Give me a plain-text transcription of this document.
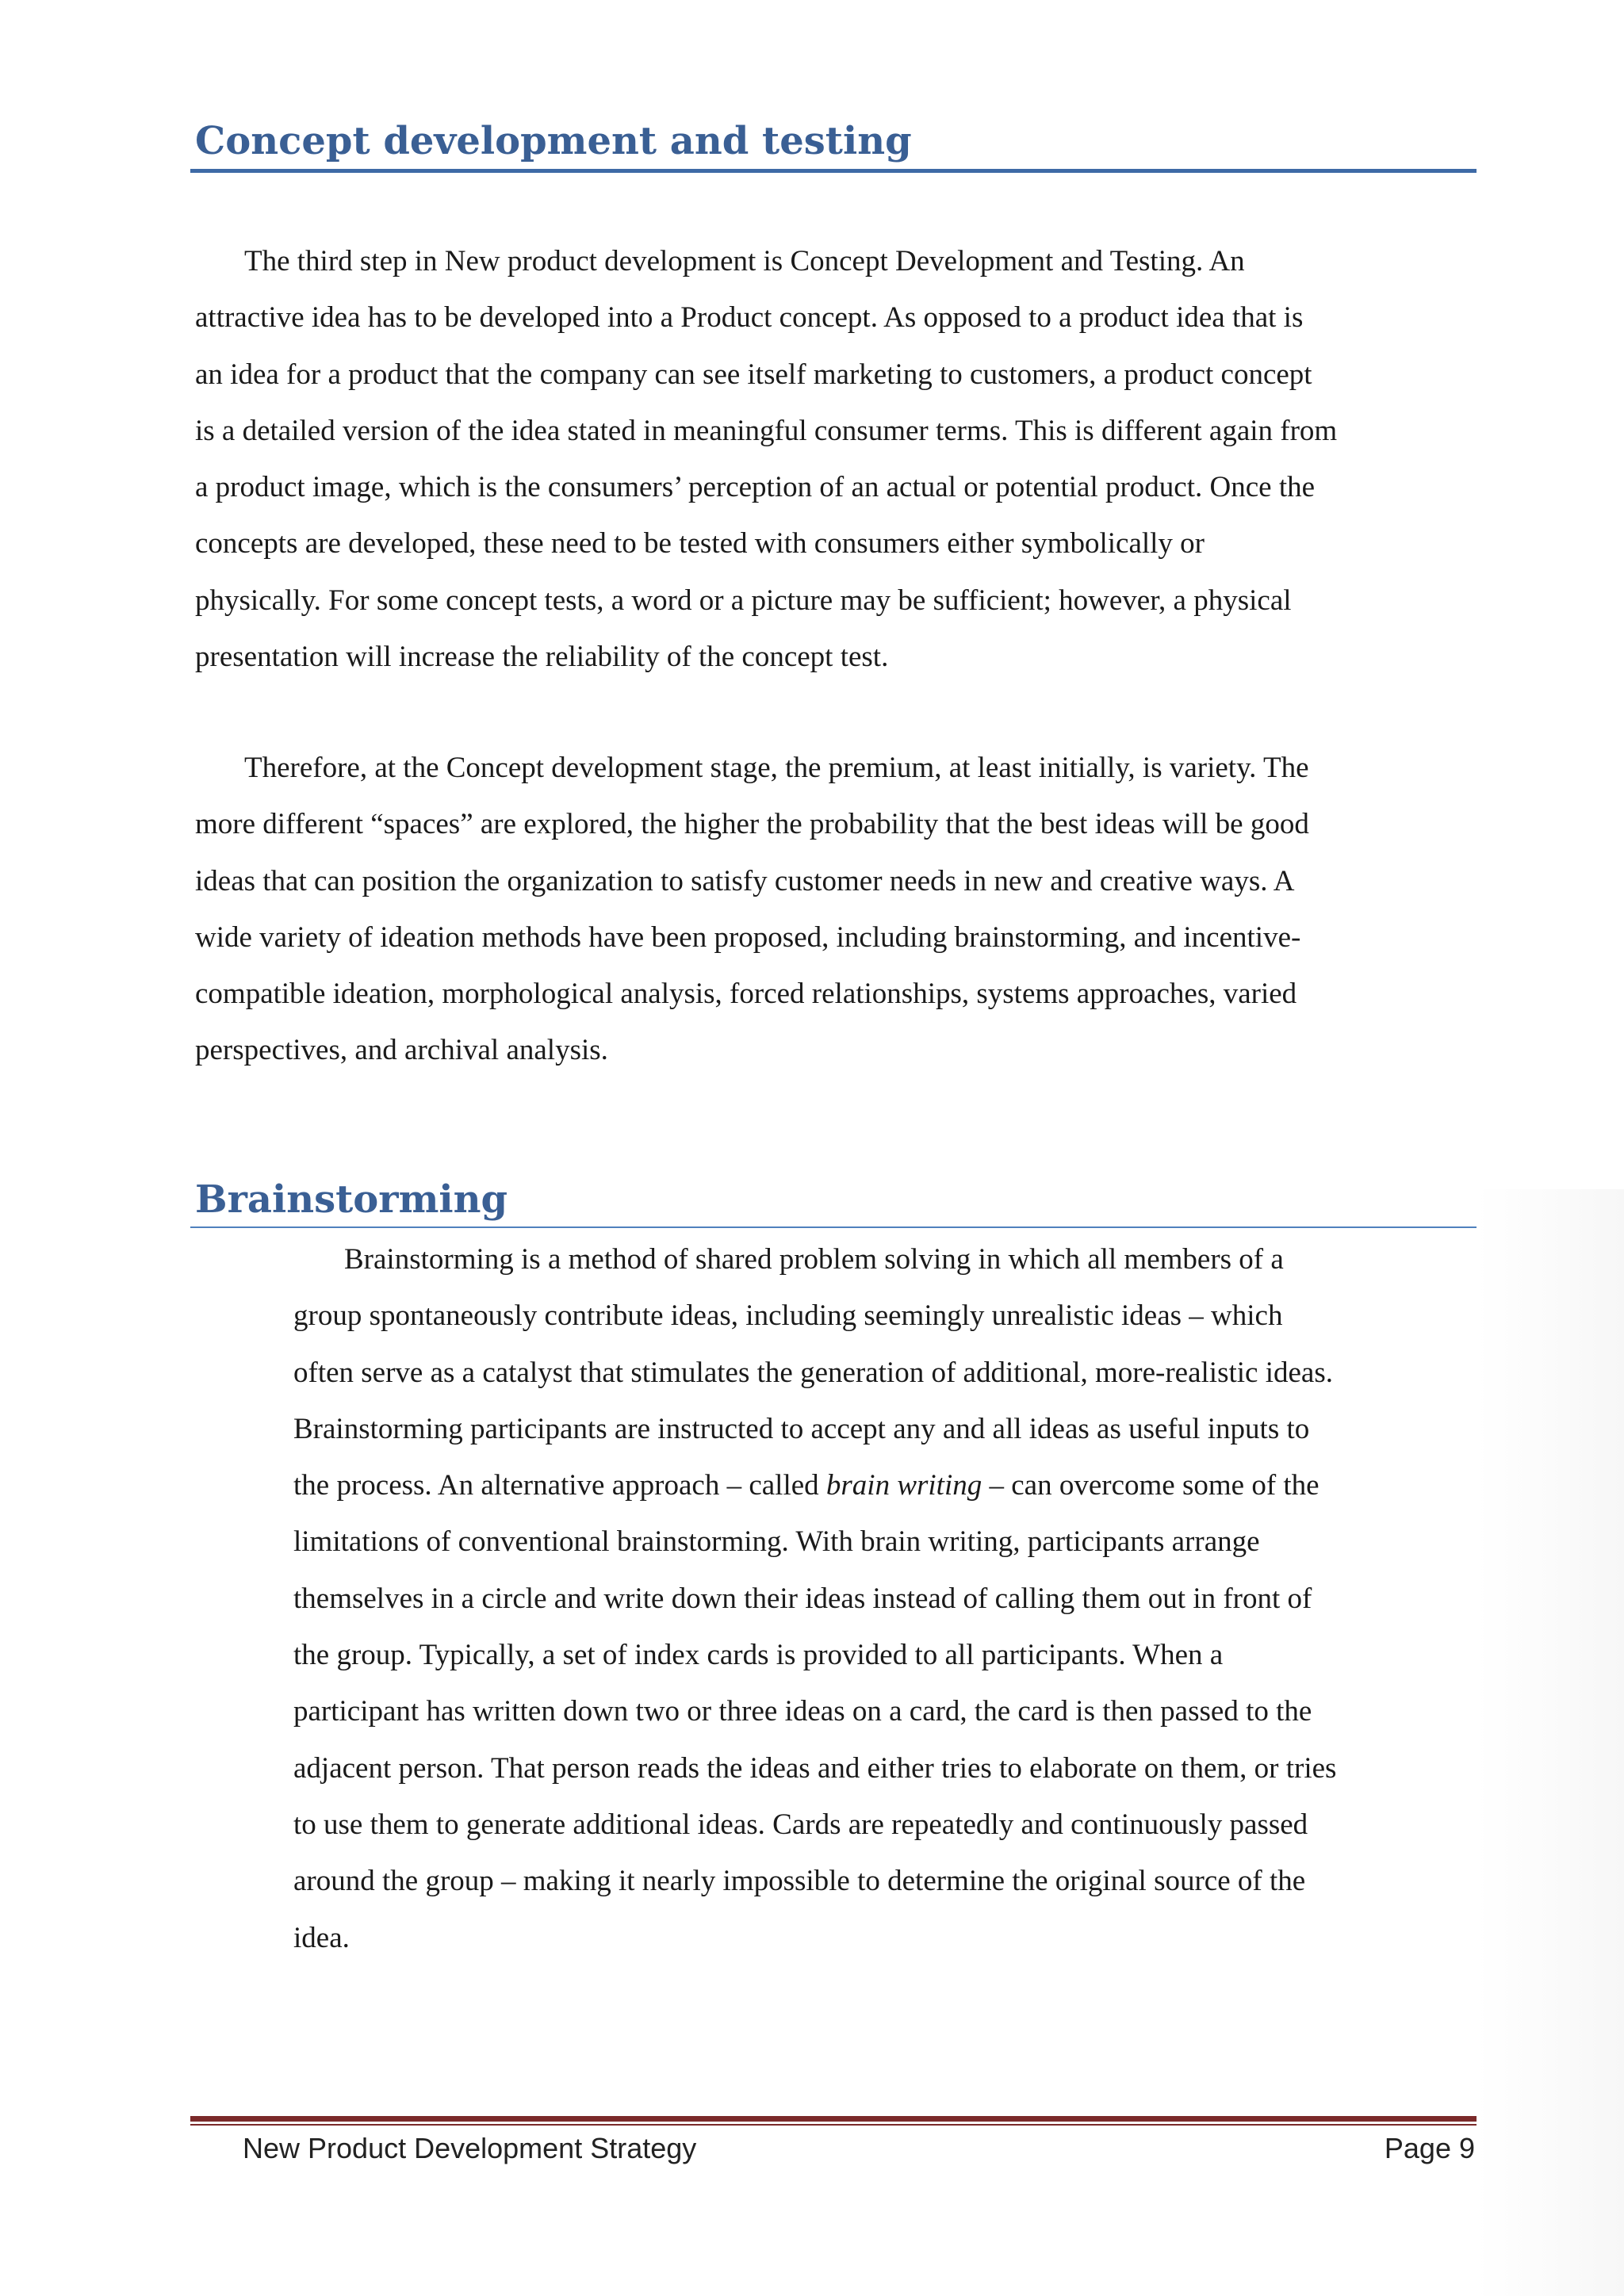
Concept development and testing
The third step in New product development is Concept Development and Testing. An
attractive idea has to be developed into a Product concept. As opposed to a product idea that is
an idea for a product that the company can see itself marketing to customers, a product concept
is a detailed version of the idea stated in meaningful consumer terms. This is different again from
a product image, which is the consumers’ perception of an actual or potential product. Once the
concepts are developed, these need to be tested with consumers either symbolically or
physically. For some concept tests, a word or a picture may be sufficient; however, a physical
presentation will increase the reliability of the concept test.
Therefore, at the Concept development stage, the premium, at least initially, is variety. The
more different “spaces” are explored, the higher the probability that the best ideas will be good
ideas that can position the organization to satisfy customer needs in new and creative ways. A
wide variety of ideation methods have been proposed, including brainstorming, and incentive-
compatible ideation, morphological analysis, forced relationships, systems approaches, varied
perspectives, and archival analysis.
Brainstorming
Brainstorming is a method of shared problem solving in which all members of a
group spontaneously contribute ideas, including seemingly unrealistic ideas – which
often serve as a catalyst that stimulates the generation of additional, more-realistic ideas.
Brainstorming participants are instructed to accept any and all ideas as useful inputs to
the process. An alternative approach – called brain writing – can overcome some of the
limitations of conventional brainstorming. With brain writing, participants arrange
themselves in a circle and write down their ideas instead of calling them out in front of
the group. Typically, a set of index cards is provided to all participants. When a
participant has written down two or three ideas on a card, the card is then passed to the
adjacent person. That person reads the ideas and either tries to elaborate on them, or tries
to use them to generate additional ideas. Cards are repeatedly and continuously passed
around the group – making it nearly impossible to determine the original source of the
idea.
New Product Development Strategy	Page 9
